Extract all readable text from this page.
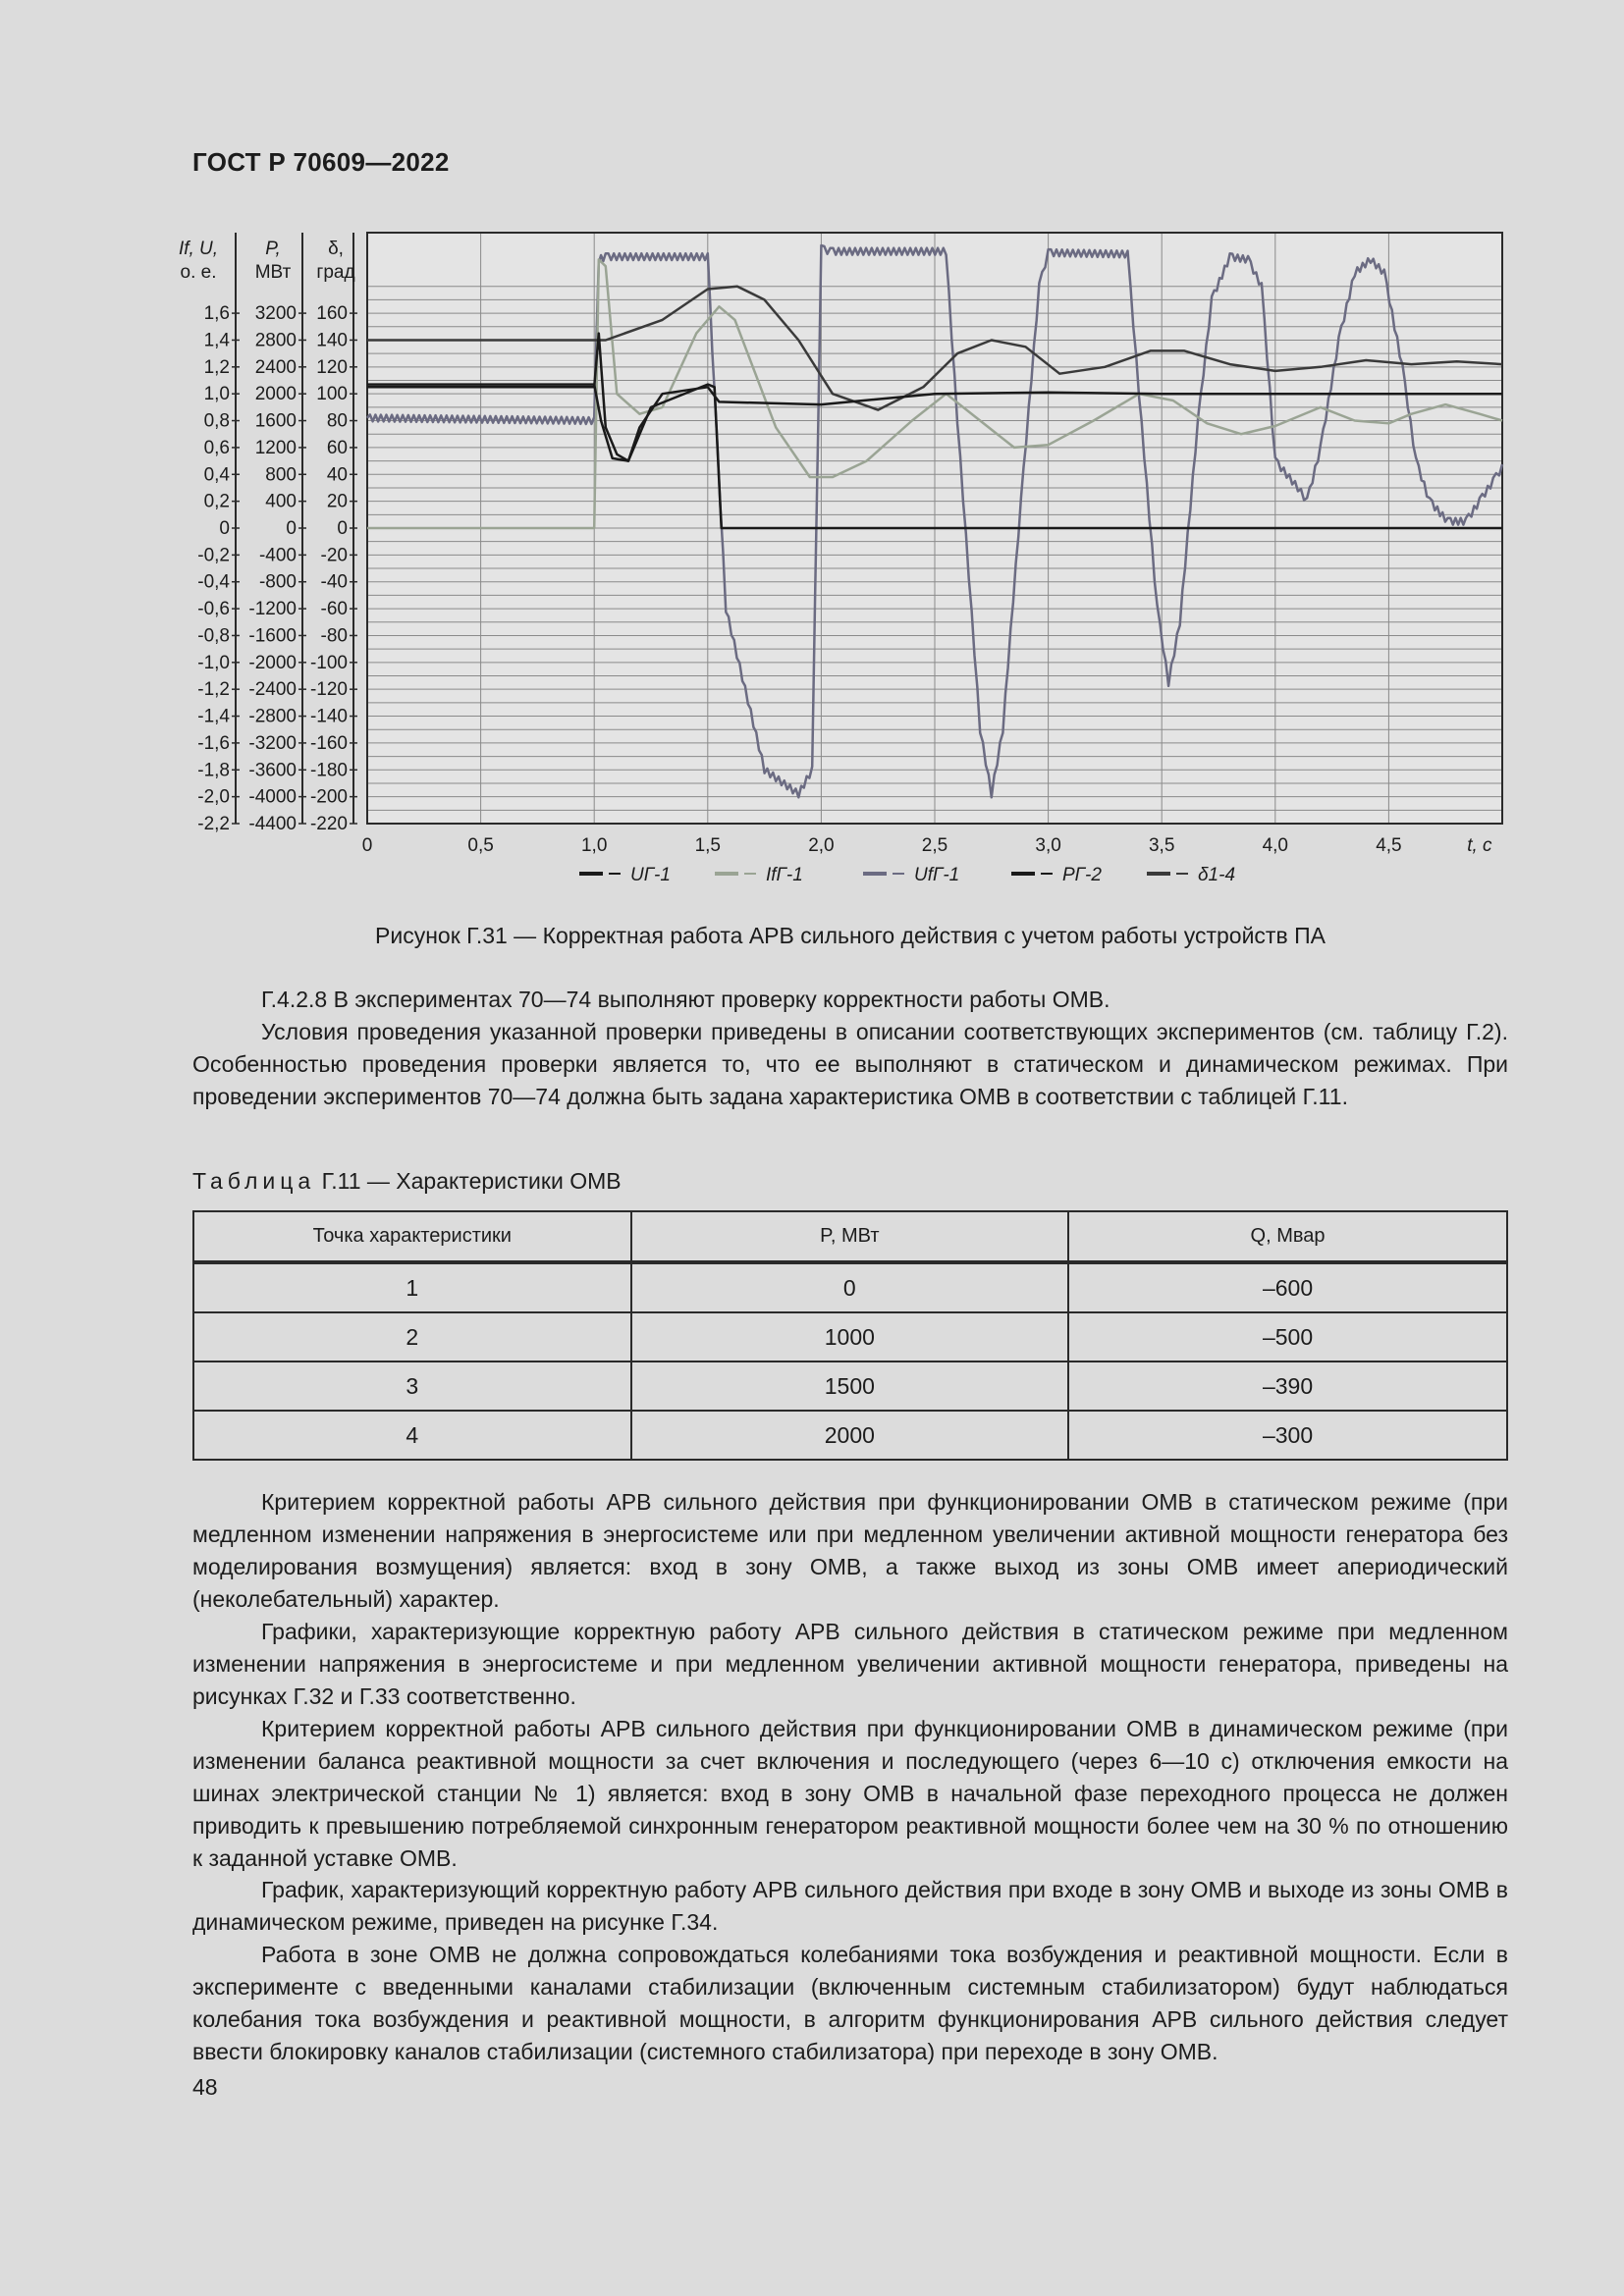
ГОСТ Р 70609—2022
1,6
1,4
1,2
1,0
0,8
0,6
0,4
0,2
0
-0,2
-0,4
-0,6
-0,8
-1,0
-1,2
-1,4
-1,6
-1,8
-2,0
-2,2
3200
2800
2400
2000
1600
1200
800
400
0
-400
-800
-1200
-1600
-2000
-2400
-2800
-3200
-3600
-4000
-4400
160
140
120
100
80
60
40
20
0
-20
-40
-60
-80
-100
-120
-140
-160
-180
-200
-220
If, U,
о. е.
P,
МВт
δ,
град
0	0,5	1,0	1,5	2,0	2,5	3,0	3,5	4,0	4,5	t, с
UГ-1	IfГ-1	UfГ-1	PГ-2	δ1-4
Рисунок Г.31 — Корректная работа АРВ сильного действия с учетом работы устройств ПА
Г.4.2.8 В экспериментах 70—74 выполняют проверку корректности работы ОМВ.
Условия проведения указанной проверки приведены в описании соответствующих экспериментов (см. таблицу Г.2). Особенностью проведения проверки является то, что ее выполняют в статическом и динамическом режимах. При проведении экспериментов 70—74 должна быть задана характеристика ОМВ в соответствии с таблицей Г.11.
Таблица Г.11 — Характеристики ОМВ
Точка характеристики	P, МВт	Q, Мвар
1	0	–600
2	1000	–500
3	1500	–390
4	2000	–300
Критерием корректной работы АРВ сильного действия при функционировании ОМВ в статическом режиме (при медленном изменении напряжения в энергосистеме или при медленном увеличении активной мощности генератора без моделирования возмущения) является: вход в зону ОМВ, а также выход из зоны ОМВ имеет апериодический (неколебательный) характер.
Графики, характеризующие корректную работу АРВ сильного действия в статическом режиме при медленном изменении напряжения в энергосистеме и при медленном увеличении активной мощности генератора, приведены на рисунках Г.32 и Г.33 соответственно.
Критерием корректной работы АРВ сильного действия при функционировании ОМВ в динамическом режиме (при изменении баланса реактивной мощности за счет включения и последующего (через 6—10 с) отключения емкости на шинах электрической станции № 1) является: вход в зону ОМВ в начальной фазе переходного процесса не должен приводить к превышению потребляемой синхронным генератором реактивной мощности более чем на 30 % по отношению к заданной уставке ОМВ.
График, характеризующий корректную работу АРВ сильного действия при входе в зону ОМВ и выходе из зоны ОМВ в динамическом режиме, приведен на рисунке Г.34.
Работа в зоне ОМВ не должна сопровождаться колебаниями тока возбуждения и реактивной мощности. Если в эксперименте с введенными каналами стабилизации (включенным системным стабилизатором) будут наблюдаться колебания тока возбуждения и реактивной мощности, в алгоритм функционирования АРВ сильного действия следует ввести блокировку каналов стабилизации (системного стабилизатора) при переходе в зону ОМВ.
48
